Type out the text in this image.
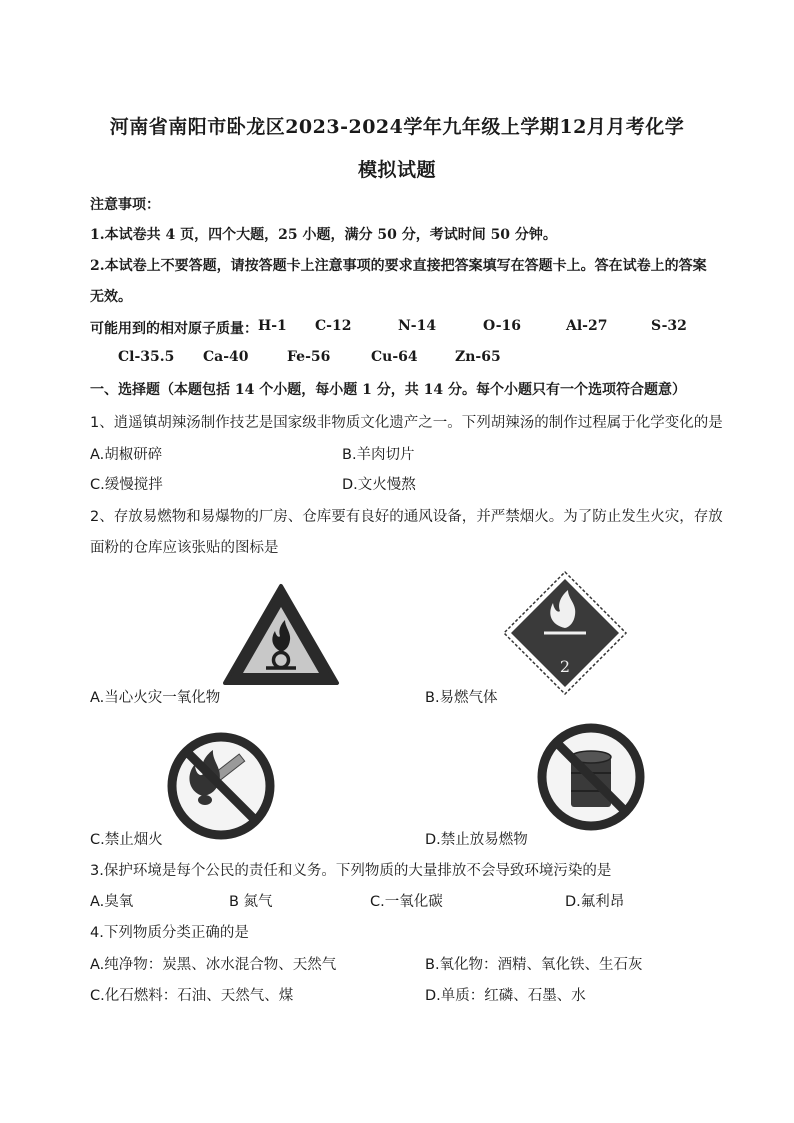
河南省南阳市卧龙区2023-2024学年九年级上学期12月月考化学
模拟试题
注意事项：
1.本试卷共 4 页，四个大题，25 小题，满分 50 分，考试时间 50 分钟。
2.本试卷上不要答题，请按答题卡上注意事项的要求直接把答案填写在答题卡上。答在试卷上的答案
无效。
可能用到的相对原子质量： H-1 C-12	N-14	O-16	Al-27	S-32
Cl-35.5 Ca-40	Fe-56	Cu-64	Zn-65
一、选择题（本题包括 14 个小题，每小题 1 分，共 14 分。每个小题只有一个选项符合题意）
1、逍遥镇胡辣汤制作技艺是国家级非物质文化遗产之一。下列胡辣汤的制作过程属于化学变化的是
A.胡椒研碎	B.羊肉切片
C.缓慢搅拌	D.文火慢熬
2、存放易燃物和易爆物的厂房、仓库要有良好的通风设备，并严禁烟火。为了防止发生火灾，存放
面粉的仓库应该张贴的图标是
A.当心火灾一氧化物
2
B.易燃气体
C.禁止烟火	D.禁止放易燃物
3.保护环境是每个公民的责任和义务。下列物质的大量排放不会导致环境污染的是
A.臭氧	B 氮气	C.一氧化碳	D.氟利昂
4.下列物质分类正确的是
A.纯净物：炭黑、冰水混合物、天然气	B.氧化物：酒精、氧化铁、生石灰
C.化石燃料：石油、天然气、煤	D.单质：红磷、石墨、水
